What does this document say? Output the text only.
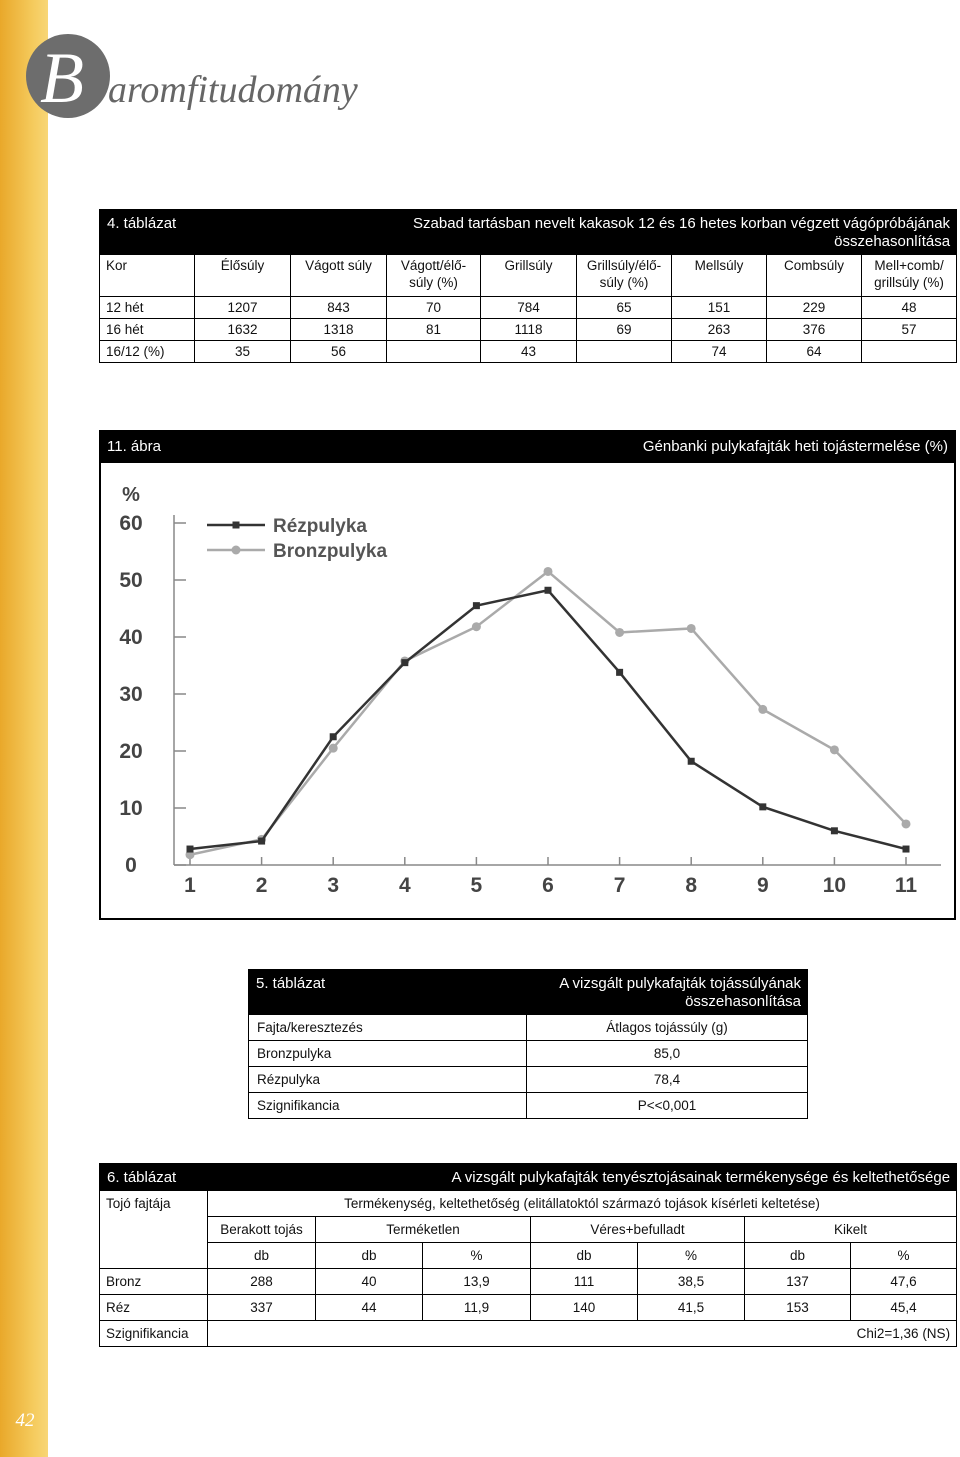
42
B aromfitudomány
4. táblázat			Szabad tartásban nevelt kakasok 12 és 16 hetes korban végzett vágópróbájának összehasonlítása					
Kor	Élősúly	Vágott súly	Vágott/élő-súly (%)	Grillsúly	Grillsúly/élő-súly (%)	Mellsúly	Combsúly	Mell+comb/ grillsúly (%)
12 hét	1207	843	70	784	65	151	229	48
16 hét	1632	1318	81	1118	69	263	376	57
16/12 (%)	35	56		43		74	64	
11. ábra	Génbanki pulykafajták heti tojástermelése (%)
%
0
10
20
30
40
50
60
1	2	3	4	5	6	7	8	9	10 11
Rézpulyka
Bronzpulyka
5. táblázat	A vizsgált pulykafajták tojássúlyának összehasonlítása
Fajta/keresztezés	Átlagos tojássúly (g)
Bronzpulyka	85,0
Rézpulyka	78,4
Szignifikancia	P<<0,001
6. táblázat			A vizsgált pulykafajták tenyésztojásainak termékenysége és keltethetősége				
Tojó fajtája	Termékenység, keltethetőség (elitállatoktól származó tojások kísérleti keltetése)						
	Berakott tojás	Terméketlen		Véres+befulladt		Kikelt	
	db	db	%	db	%	db	%
Bronz	288	40	13,9	111	38,5	137	47,6
Réz	337	44	11,9	140	41,5	153	45,4
Szignifikancia	Chi2=1,36 (NS)						
